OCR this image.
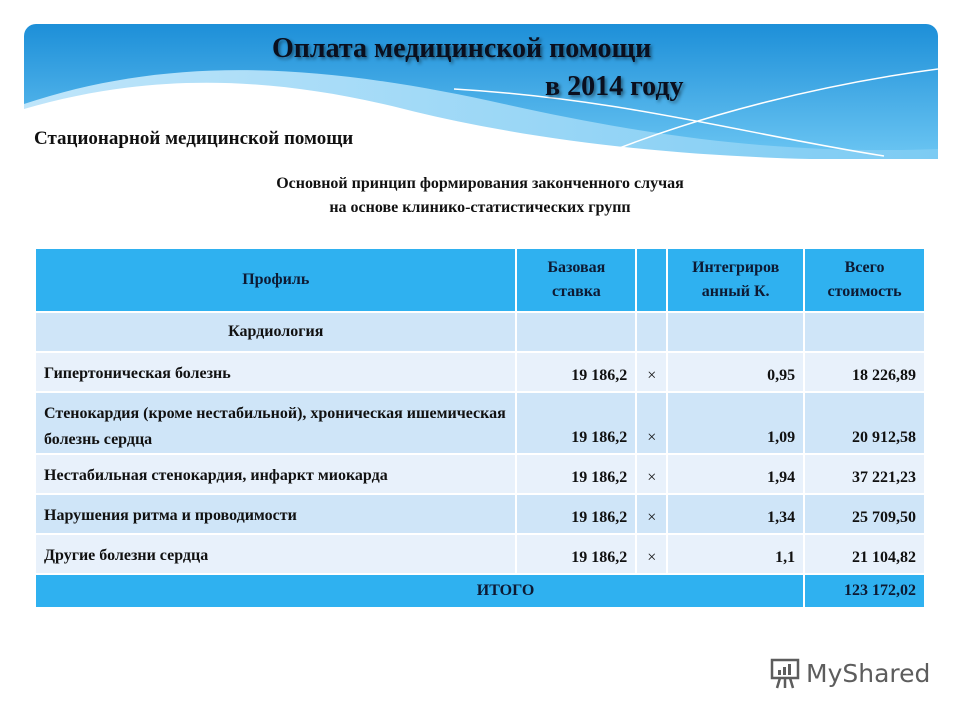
Оплата медицинской помощи
в 2014 году
Стационарной медицинской помощи
Основной принцип формирования законченного случая
на основе клинико-статистических групп
Профиль	Базовая ставка		Интегриров анный К.	Всего стоимость
Кардиология				
Гипертоническая болезнь	19 186,2	×	0,95	18 226,89
Стенокардия (кроме нестабильной), хроническая ишемическая болезнь сердца	19 186,2	×	1,09	20 912,58
Нестабильная стенокардия, инфаркт миокарда	19 186,2	×	1,94	37 221,23
Нарушения ритма и проводимости	19 186,2	×	1,34	25 709,50
Другие болезни сердца	19 186,2	×	1,1	21 104,82
ИТОГО				123 172,02
MyShared
